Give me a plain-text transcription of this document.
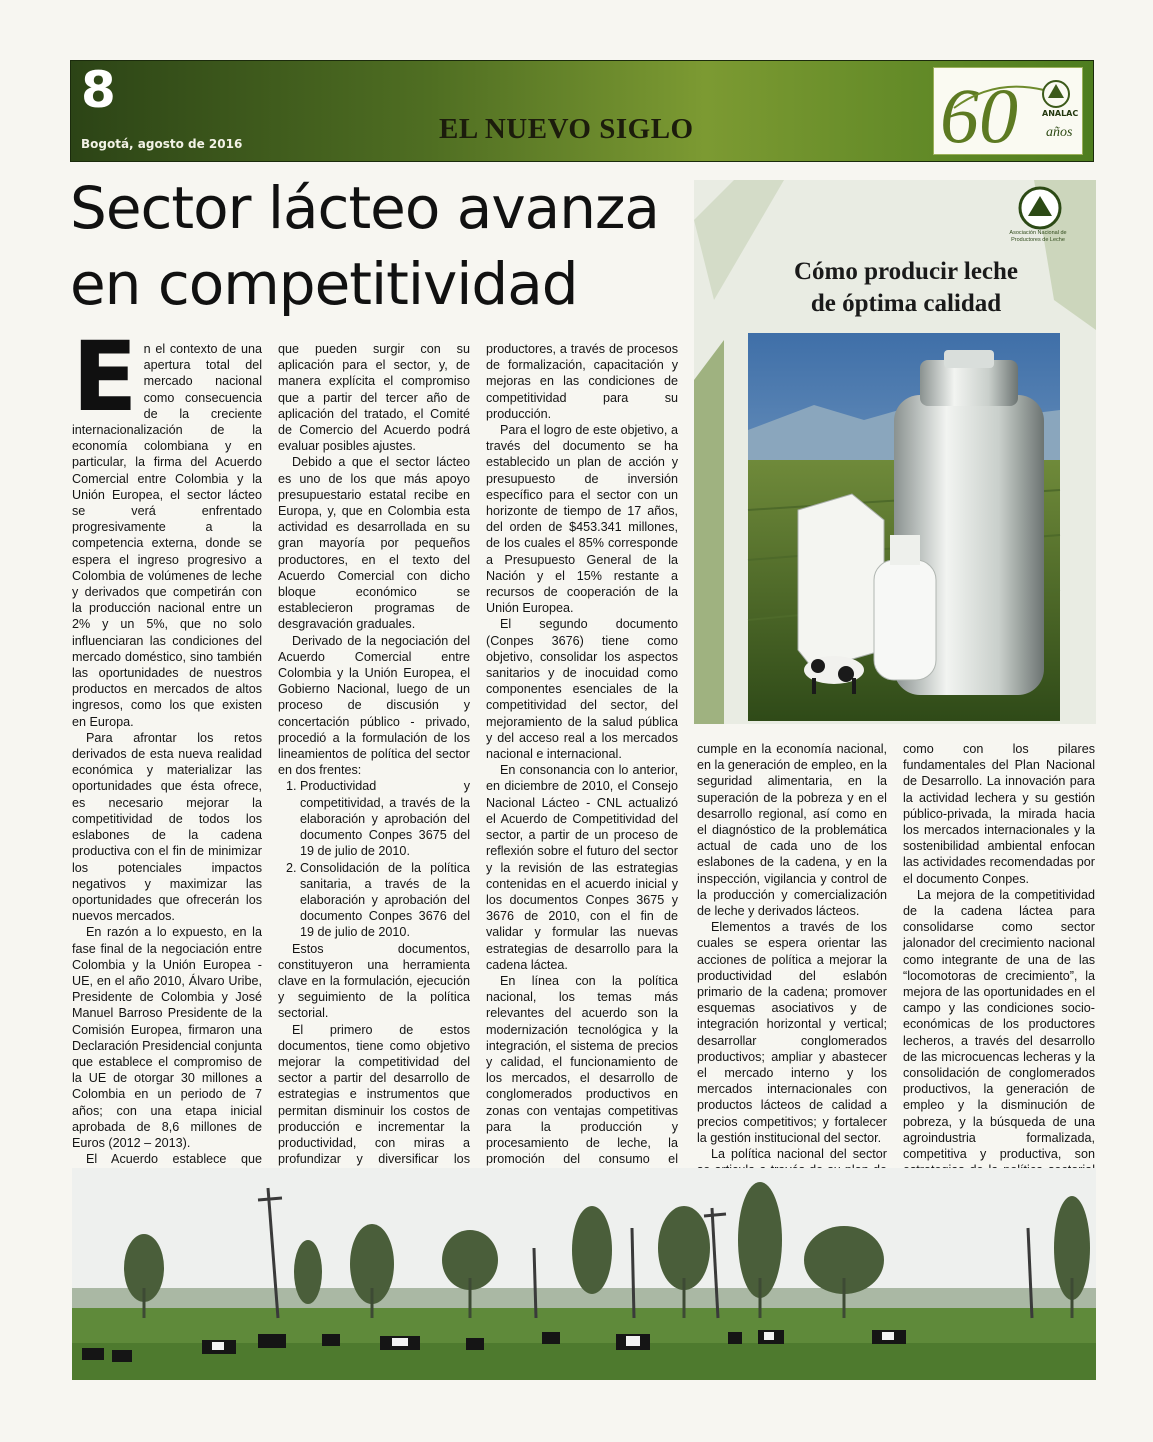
8
Bogotá, agosto de 2016	EL NUEVO SIGLO	60	ANALAC
años
Sector lácteo avanza
en competitividad
Asociación Nacional de Productores de Leche
Cómo producir leche
de óptima calidad

En el contexto de una apertura total del mercado nacional como consecuencia de la creciente internacionalización de la economía colombiana y en particular, la firma del Acuerdo Comercial entre Colombia y la Unión Europea, el sector lácteo se verá enfrentado progresivamente a la competencia externa, donde se espera el ingreso progresivo a Colombia de volúmenes de leche y derivados que competirán con la producción nacional entre un 2% y un 5%, que no solo influenciaran las condiciones del mercado doméstico, sino también las oportunidades de nuestros productos en mercados de altos ingresos, como los que existen en Europa.

Para afrontar los retos derivados de esta nueva realidad económica y materializar las oportunidades que ésta ofrece, es necesario mejorar la competitividad de todos los eslabones de la cadena productiva con el fin de minimizar los potenciales impactos negativos y maximizar las oportunidades que ofrecerán los nuevos mercados.

En razón a lo expuesto, en la fase final de la negociación entre Colombia y la Unión Europea - UE, en el año 2010, Álvaro Uribe, Presidente de Colombia y José Manuel Barroso Presidente de la Comisión Europea, firmaron una Declaración Presidencial conjunta que establece el compromiso de la UE de otorgar 30 millones a Colombia en un periodo de 7 años; con una etapa inicial aprobada de 8,6 millones de Euros (2012 – 2013).

El Acuerdo establece que

que pueden surgir con su aplicación para el sector, y, de manera explícita el compromiso que a partir del tercer año de aplicación del tratado, el Comité de Comercio del Acuerdo podrá evaluar posibles ajustes.

Debido a que el sector lácteo es uno de los que más apoyo presupuestario estatal recibe en Europa, y, que en Colombia esta actividad es desarrollada en su gran mayoría por pequeños productores, en el texto del Acuerdo Comercial con dicho bloque económico se establecieron programas de desgravación graduales.

Derivado de la negociación del Acuerdo Comercial entre Colombia y la Unión Europea, el Gobierno Nacional, luego de un proceso de discusión y concertación público - privado, procedió a la formulación de los lineamientos de política del sector en dos frentes:

1. Productividad y competitividad, a través de la elaboración y aprobación del documento Conpes 3675 del 19 de julio de 2010.
2. Consolidación de la política sanitaria, a través de la elaboración y aprobación del documento Conpes 3676 del 19 de julio de 2010.

Estos documentos, constituyeron una herramienta clave en la formulación, ejecución y seguimiento de la política sectorial.

El primero de estos documentos, tiene como objetivo mejorar la competitividad del sector a partir del desarrollo de estrategias e instrumentos que permitan disminuir los costos de producción e incrementar la productividad, con miras a profundizar y diversificar los

productores, a través de procesos de formalización, capacitación y mejoras en las condiciones de competitividad para su producción.

Para el logro de este objetivo, a través del documento se ha establecido un plan de acción y presupuesto de inversión específico para el sector con un horizonte de tiempo de 17 años, del orden de $453.341 millones, de los cuales el 85% corresponde a Presupuesto General de la Nación y el 15% restante a recursos de cooperación de la Unión Europea.

El segundo documento (Conpes 3676) tiene como objetivo, consolidar los aspectos sanitarios y de inocuidad como componentes esenciales de la competitividad del sector, del mejoramiento de la salud pública y del acceso real a los mercados nacional e internacional.

En consonancia con lo anterior, en diciembre de 2010, el Consejo Nacional Lácteo - CNL actualizó el Acuerdo de Competitividad del sector, a partir de un proceso de reflexión sobre el futuro del sector y la revisión de las estrategias contenidas en el acuerdo inicial y los documentos Conpes 3675 y 3676 de 2010, con el fin de validar y formular las nuevas estrategias de desarrollo para la cadena láctea.

En línea con la política nacional, los temas más relevantes del acuerdo son la modernización tecnológica y la integración, el sistema de precios y calidad, el funcionamiento de los mercados, el desarrollo de conglomerados productivos en zonas con ventajas competitivas para la producción y procesamiento de leche, la promoción del consumo el

cumple en la economía nacional, en la generación de empleo, en la seguridad alimentaria, en la superación de la pobreza y en el desarrollo regional, así como en el diagnóstico de la problemática actual de cada uno de los eslabones de la cadena, y en la inspección, vigilancia y control de la producción y comercialización de leche y derivados lácteos.

Elementos a través de los cuales se espera orientar las acciones de política a mejorar la productividad del eslabón primario de la cadena; promover esquemas asociativos y de integración horizontal y vertical; desarrollar conglomerados productivos; ampliar y abastecer el mercado interno y los mercados internacionales con productos lácteos de calidad a precios competitivos; y fortalecer la gestión institucional del sector.

La política nacional del sector

como con los pilares fundamentales del Plan Nacional de Desarrollo. La innovación para la actividad lechera y su gestión público-privada, la mirada hacia los mercados internacionales y la sostenibilidad ambiental enfocan las actividades recomendadas por el documento Conpes.

La mejora de la competitividad de la cadena láctea para consolidarse como sector jalonador del crecimiento nacional como integrante de una de las “locomotoras de crecimiento”, la mejora de las oportunidades en el campo y las condiciones socio-económicas de los productores lecheros, a través del desarrollo de las microcuencas lecheras y la consolidación de conglomerados productivos, la generación de empleo y la disminución de pobreza, y la búsqueda de una agroindustria formalizada, competitiva y productiva, son
